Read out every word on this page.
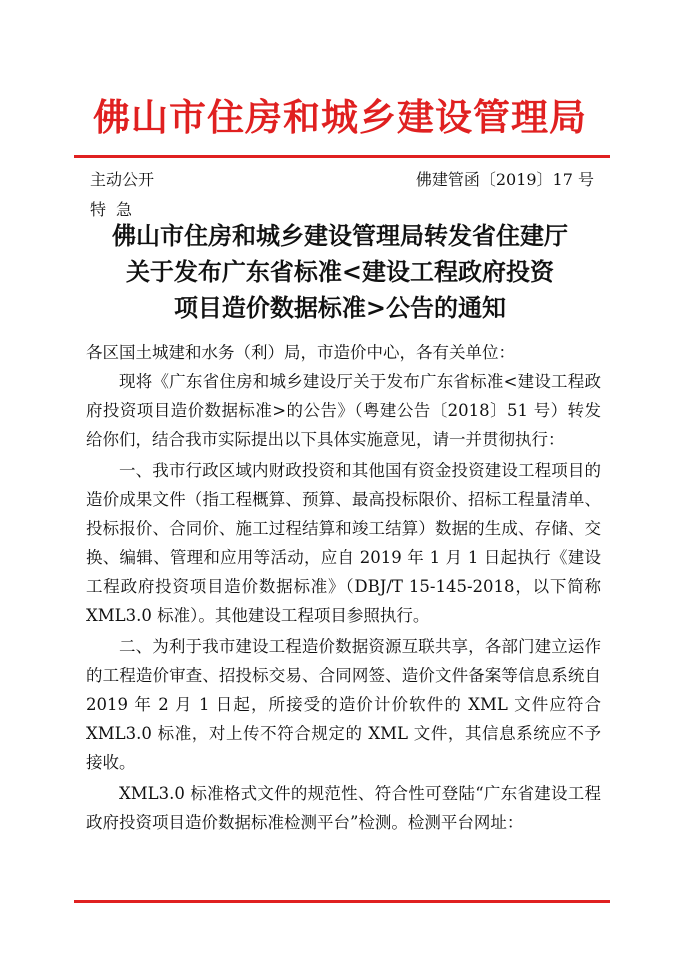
佛山市住房和城乡建设管理局
主动公开	佛建管函〔2019〕17 号
特急
佛山市住房和城乡建设管理局转发省住建厅
关于发布广东省标准<建设工程政府投资
项目造价数据标准>公告的通知

各区国土城建和水务（利）局，市造价中心，各有关单位：

现将《广东省住房和城乡建设厅关于发布广东省标准<建设工程政府投资项目造价数据标准>的公告》（粤建公告〔2018〕51 号）转发给你们，结合我市实际提出以下具体实施意见，请一并贯彻执行：

一、我市行政区域内财政投资和其他国有资金投资建设工程项目的造价成果文件（指工程概算、预算、最高投标限价、招标工程量清单、投标报价、合同价、施工过程结算和竣工结算）数据的生成、存储、交换、编辑、管理和应用等活动，应自 2019 年 1 月 1 日起执行《建设工程政府投资项目造价数据标准》（DBJ/T 15-145-2018，以下简称 XML3.0 标准）。其他建设工程项目参照执行。

二、为利于我市建设工程造价数据资源互联共享，各部门建立运作的工程造价审查、招投标交易、合同网签、造价文件备案等信息系统自 2019 年 2 月 1 日起，所接受的造价计价软件的 XML 文件应符合 XML3.0 标准，对上传不符合规定的 XML 文件，其信息系统应不予接收。

XML3.0 标准格式文件的规范性、符合性可登陆“广东省建设工程政府投资项目造价数据标准检测平台”检测。检测平台网址：
